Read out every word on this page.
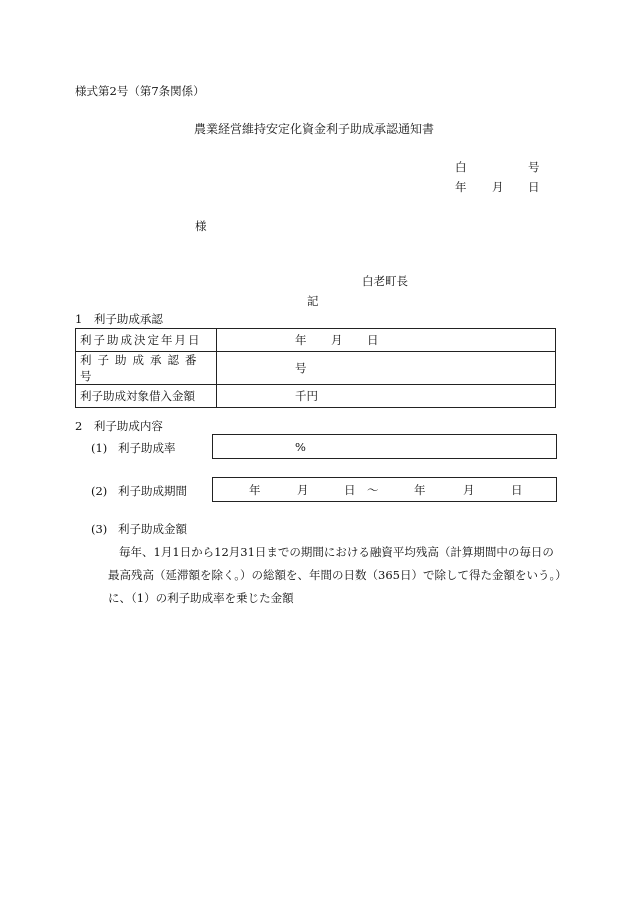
様式第2号（第7条関係）
農業経営維持安定化資金利子助成承認通知書
白	号
年 月 日
様
白老町長
記
1　利子助成承認
利子助成決定年月日	年 月 日

利子助成承認番号	号

利子助成対象借入金額	千円
2　利子助成内容
(1) 利子助成率	%
(2) 利子助成期間	年	月	日 ～	年	月	日
(3) 利子助成金額
毎年、1月1日から12月31日までの期間における融資平均残高（計算期間中の毎日の
最高残高（延滞額を除く。）の総額を、年間の日数（365日）で除して得た金額をいう。）
に、（1）の利子助成率を乗じた金額
